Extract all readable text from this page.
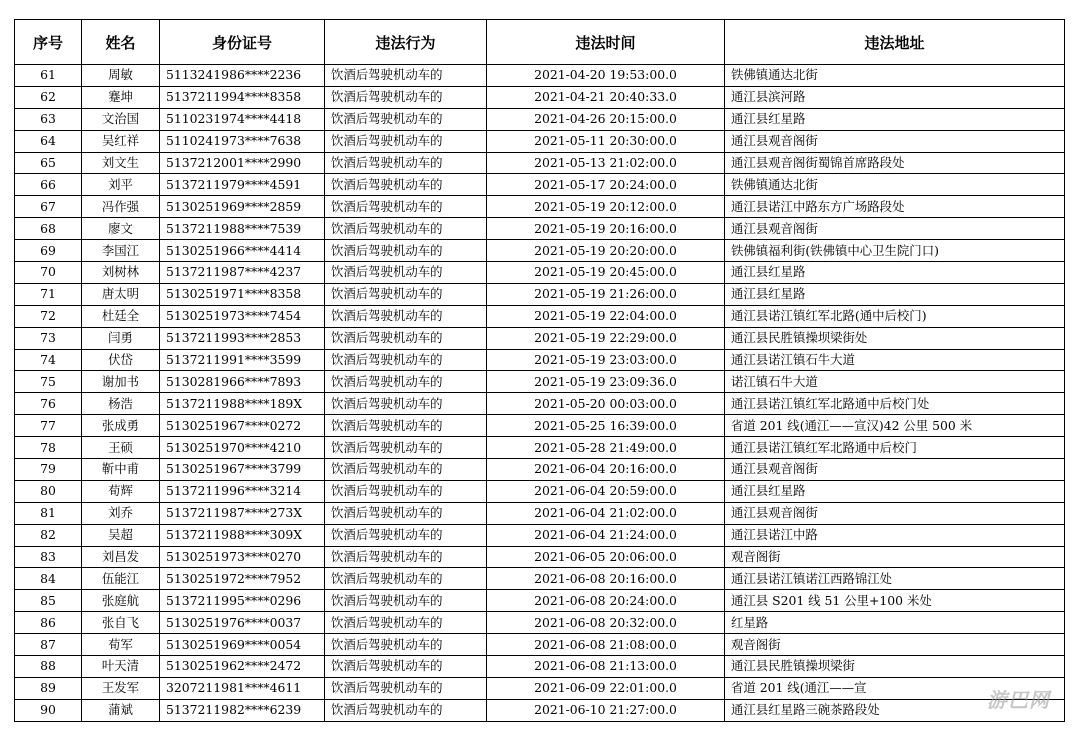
序号	姓名	身份证号	违法行为	违法时间	违法地址
61	周敏	5113241986****2236	饮酒后驾驶机动车的	2021-04-20 19:53:00.0	铁佛镇通达北街
62	蹇坤	5137211994****8358	饮酒后驾驶机动车的	2021-04-21 20:40:33.0	通江县滨河路
63	文治国	5110231974****4418	饮酒后驾驶机动车的	2021-04-26 20:15:00.0	通江县红星路
64	吴红祥	5110241973****7638	饮酒后驾驶机动车的	2021-05-11 20:30:00.0	通江县观音阁街
65	刘文生	5137212001****2990	饮酒后驾驶机动车的	2021-05-13 21:02:00.0	通江县观音阁街蜀锦首席路段处
66	刘平	5137211979****4591	饮酒后驾驶机动车的	2021-05-17 20:24:00.0	铁佛镇通达北街
67	冯作强	5130251969****2859	饮酒后驾驶机动车的	2021-05-19 20:12:00.0	通江县诺江中路东方广场路段处
68	廖文	5137211988****7539	饮酒后驾驶机动车的	2021-05-19 20:16:00.0	通江县观音阁街
69	李国江	5130251966****4414	饮酒后驾驶机动车的	2021-05-19 20:20:00.0	铁佛镇福利街(铁佛镇中心卫生院门口)
70	刘树林	5137211987****4237	饮酒后驾驶机动车的	2021-05-19 20:45:00.0	通江县红星路
71	唐太明	5130251971****8358	饮酒后驾驶机动车的	2021-05-19 21:26:00.0	通江县红星路
72	杜廷全	5130251973****7454	饮酒后驾驶机动车的	2021-05-19 22:04:00.0	通江县诺江镇红军北路(通中后校门)
73	闫勇	5137211993****2853	饮酒后驾驶机动车的	2021-05-19 22:29:00.0	通江县民胜镇操坝梁街处
74	伏岱	5137211991****3599	饮酒后驾驶机动车的	2021-05-19 23:03:00.0	通江县诺江镇石牛大道
75	谢加书	5130281966****7893	饮酒后驾驶机动车的	2021-05-19 23:09:36.0	诺江镇石牛大道
76	杨浩	5137211988****189X	饮酒后驾驶机动车的	2021-05-20 00:03:00.0	通江县诺江镇红军北路通中后校门处
77	张成勇	5130251967****0272	饮酒后驾驶机动车的	2021-05-25 16:39:00.0	省道 201 线(通江——宣汉)42 公里 500 米
78	王硕	5130251970****4210	饮酒后驾驶机动车的	2021-05-28 21:49:00.0	通江县诺江镇红军北路通中后校门
79	靳中甫	5130251967****3799	饮酒后驾驶机动车的	2021-06-04 20:16:00.0	通江县观音阁街
80	荀辉	5137211996****3214	饮酒后驾驶机动车的	2021-06-04 20:59:00.0	通江县红星路
81	刘乔	5137211987****273X	饮酒后驾驶机动车的	2021-06-04 21:02:00.0	通江县观音阁街
82	吴超	5137211988****309X	饮酒后驾驶机动车的	2021-06-04 21:24:00.0	通江县诺江中路
83	刘昌发	5130251973****0270	饮酒后驾驶机动车的	2021-06-05 20:06:00.0	观音阁街
84	伍能江	5130251972****7952	饮酒后驾驶机动车的	2021-06-08 20:16:00.0	通江县诺江镇诺江西路锦江处
85	张庭航	5137211995****0296	饮酒后驾驶机动车的	2021-06-08 20:24:00.0	通江县 S201 线 51 公里+100 米处
86	张自飞	5130251976****0037	饮酒后驾驶机动车的	2021-06-08 20:32:00.0	红星路
87	荀军	5130251969****0054	饮酒后驾驶机动车的	2021-06-08 21:08:00.0	观音阁街
88	叶天清	5130251962****2472	饮酒后驾驶机动车的	2021-06-08 21:13:00.0	通江县民胜镇操坝梁街
89	王发军	3207211981****4611	饮酒后驾驶机动车的	2021-06-09 22:01:00.0	省道 201 线(通江——宣
90	蒲斌	5137211982****6239	饮酒后驾驶机动车的	2021-06-10 21:27:00.0	通江县红星路三碗茶路段处	游巴网
